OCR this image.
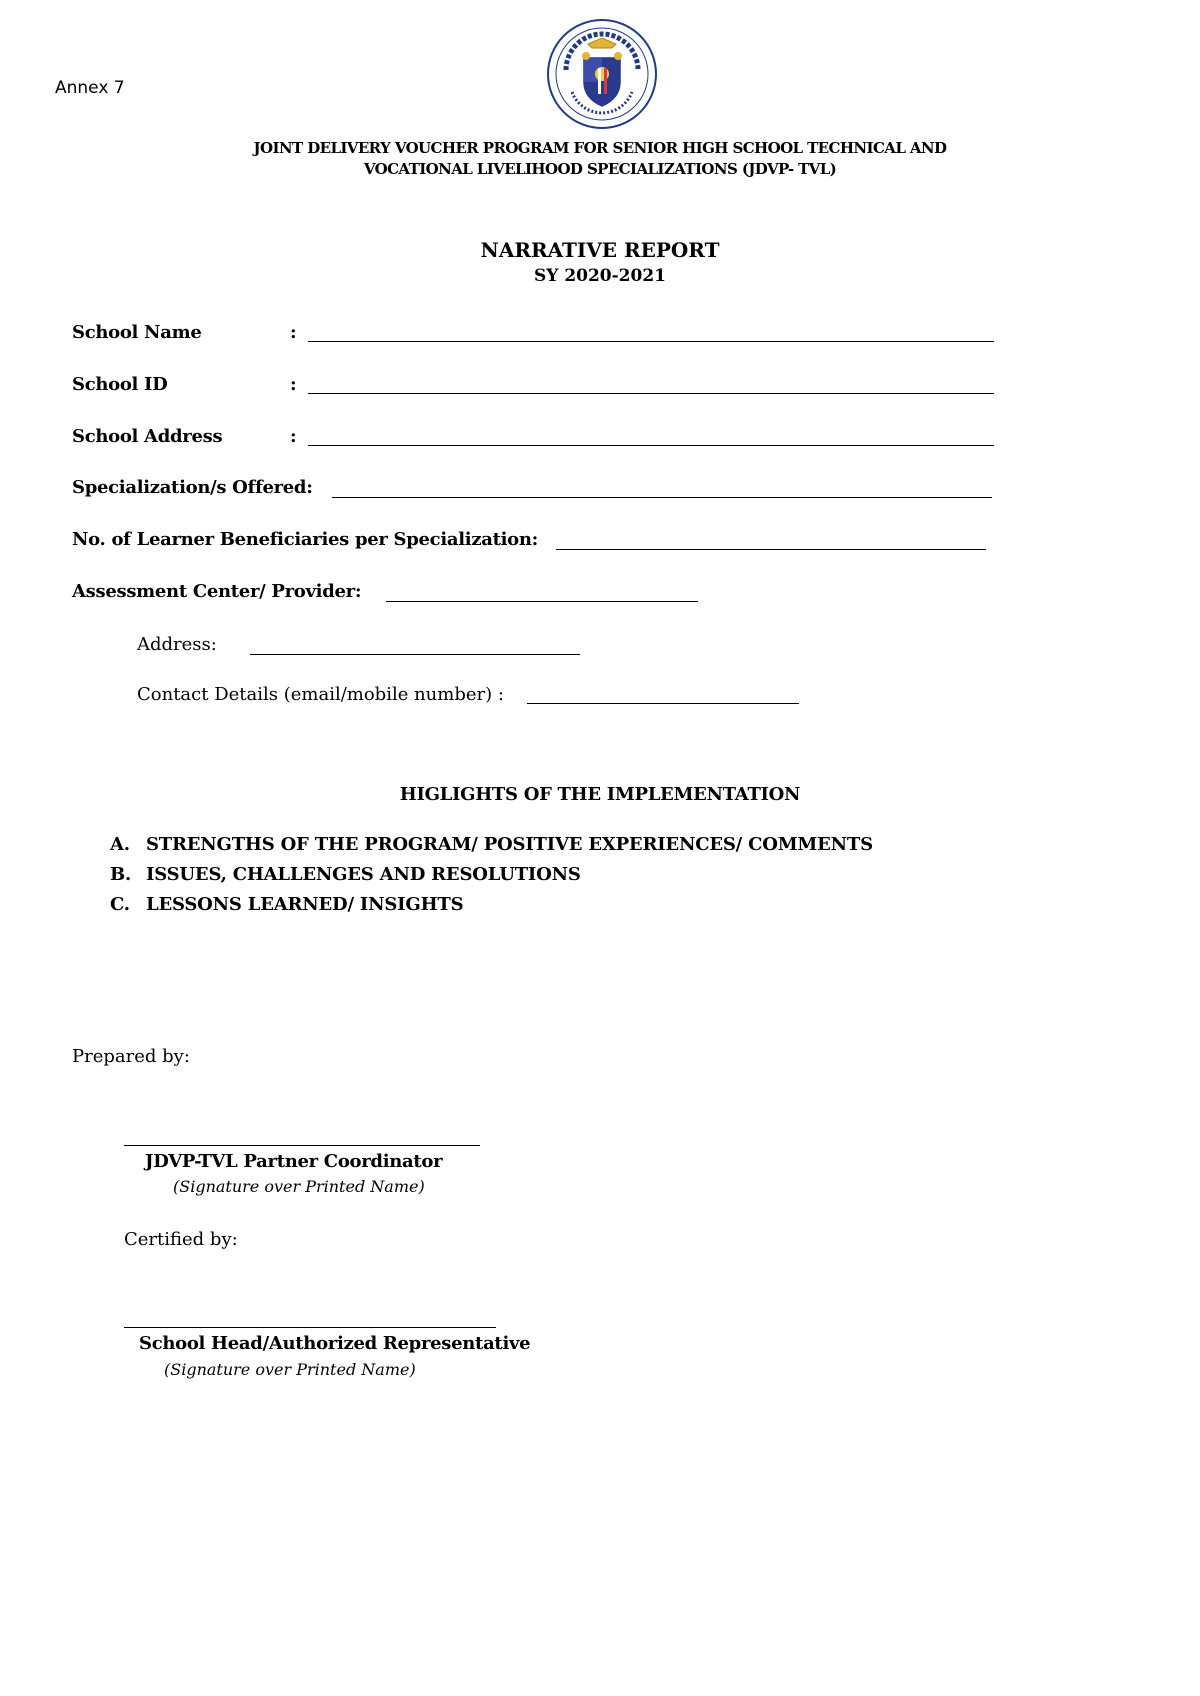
Annex 7
JOINT DELIVERY VOUCHER PROGRAM FOR SENIOR HIGH SCHOOL TECHNICAL AND
VOCATIONAL LIVELIHOOD SPECIALIZATIONS (JDVP- TVL)
NARRATIVE REPORT
SY 2020-2021
School Name	:
School ID	:
School Address	:
Specialization/s Offered:
No. of Learner Beneficiaries per Specialization:
Assessment Center/ Provider:
Address:
Contact Details (email/mobile number) :
HIGLIGHTS OF THE IMPLEMENTATION
A. STRENGTHS OF THE PROGRAM/ POSITIVE EXPERIENCES/ COMMENTS
B. ISSUES, CHALLENGES AND RESOLUTIONS
C. LESSONS LEARNED/ INSIGHTS
Prepared by:
JDVP-TVL Partner Coordinator
(Signature over Printed Name)
Certified by:
School Head/Authorized Representative
(Signature over Printed Name)
